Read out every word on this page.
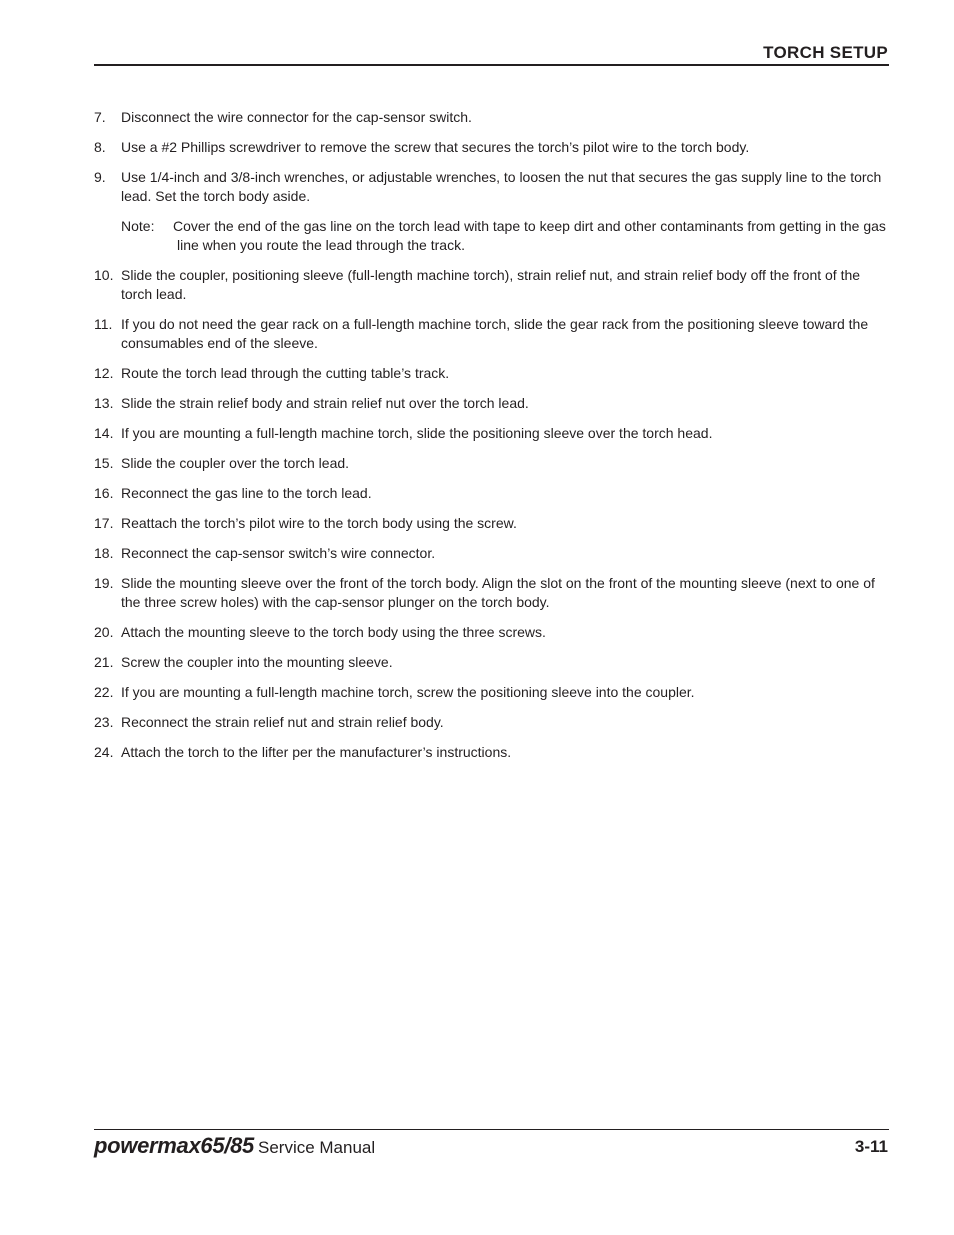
TORCH SETUP
7. Disconnect the wire connector for the cap-sensor switch.
8. Use a #2 Phillips screwdriver to remove the screw that secures the torch’s pilot wire to the torch body.
9. Use 1/4-inch and 3/8-inch wrenches, or adjustable wrenches, to loosen the nut that secures the gas supply line to the torch lead. Set the torch body aside.
Note: Cover the end of the gas line on the torch lead with tape to keep dirt and other contaminants from getting in the gas line when you route the lead through the track.
10. Slide the coupler, positioning sleeve (full-length machine torch), strain relief nut, and strain relief body off the front of the torch lead.
11. If you do not need the gear rack on a full-length machine torch, slide the gear rack from the positioning sleeve toward the consumables end of the sleeve.
12. Route the torch lead through the cutting table’s track.
13. Slide the strain relief body and strain relief nut over the torch lead.
14. If you are mounting a full-length machine torch, slide the positioning sleeve over the torch head.
15. Slide the coupler over the torch lead.
16. Reconnect the gas line to the torch lead.
17. Reattach the torch’s pilot wire to the torch body using the screw.
18. Reconnect the cap-sensor switch’s wire connector.
19. Slide the mounting sleeve over the front of the torch body. Align the slot on the front of the mounting sleeve (next to one of the three screw holes) with the cap-sensor plunger on the torch body.
20. Attach the mounting sleeve to the torch body using the three screws.
21. Screw the coupler into the mounting sleeve.
22. If you are mounting a full-length machine torch, screw the positioning sleeve into the coupler.
23. Reconnect the strain relief nut and strain relief body.
24. Attach the torch to the lifter per the manufacturer’s instructions.
powermax65/85 Service Manual	3-11
